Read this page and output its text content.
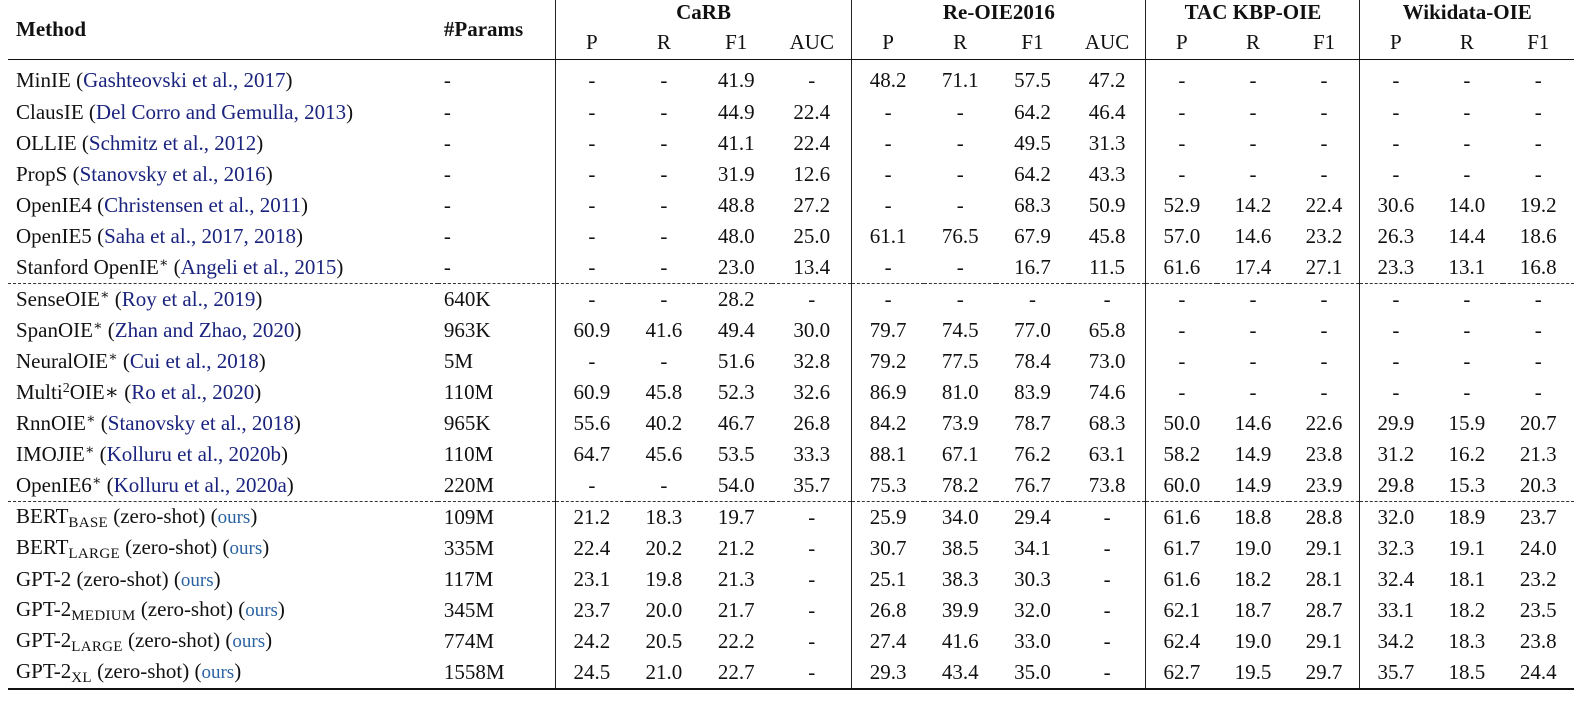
Method	#Params	CaRB				Re-OIE2016				TAC KBP-OIE			Wikidata-OIE		
		P	R	F1	AUC	P	R	F1	AUC	P	R	F1	P	R	F1
MinIE (Gashteovski et al., 2017)	-	-	-	41.9	-	48.2	71.1	57.5	47.2	-	-	-	-	-	-
ClausIE (Del Corro and Gemulla, 2013)	-	-	-	44.9	22.4	-	-	64.2	46.4	-	-	-	-	-	-
OLLIE (Schmitz et al., 2012)	-	-	-	41.1	22.4	-	-	49.5	31.3	-	-	-	-	-	-
PropS (Stanovsky et al., 2016)	-	-	-	31.9	12.6	-	-	64.2	43.3	-	-	-	-	-	-
OpenIE4 (Christensen et al., 2011)	-	-	-	48.8	27.2	-	-	68.3	50.9	52.9	14.2	22.4	30.6	14.0	19.2
OpenIE5 (Saha et al., 2017, 2018)	-	-	-	48.0	25.0	61.1	76.5	67.9	45.8	57.0	14.6	23.2	26.3	14.4	18.6
Stanford OpenIE∗ (Angeli et al., 2015)	-	-	-	23.0	13.4	-	-	16.7	11.5	61.6	17.4	27.1	23.3	13.1	16.8
SenseOIE∗ (Roy et al., 2019)	640K	-	-	28.2	-	-	-	-	-	-	-	-	-	-	-
SpanOIE∗ (Zhan and Zhao, 2020)	963K	60.9	41.6	49.4	30.0	79.7	74.5	77.0	65.8	-	-	-	-	-	-
NeuralOIE∗ (Cui et al., 2018)	5M	-	-	51.6	32.8	79.2	77.5	78.4	73.0	-	-	-	-	-	-
Multi$^2$OIE∗ (Ro et al., 2020)	110M	60.9	45.8	52.3	32.6	86.9	81.0	83.9	74.6	-	-	-	-	-	-
RnnOIE∗ (Stanovsky et al., 2018)	965K	55.6	40.2	46.7	26.8	84.2	73.9	78.7	68.3	50.0	14.6	22.6	29.9	15.9	20.7
IMOJIE∗ (Kolluru et al., 2020b)	110M	64.7	45.6	53.5	33.3	88.1	67.1	76.2	63.1	58.2	14.9	23.8	31.2	16.2	21.3
OpenIE6∗ (Kolluru et al., 2020a)	220M	-	-	54.0	35.7	75.3	78.2	76.7	73.8	60.0	14.9	23.9	29.8	15.3	20.3
$BERT_{BASE}$ (zero-shot) (ours)	109M	21.2	18.3	19.7	-	25.9	34.0	29.4	-	61.6	18.8	28.8	32.0	18.9	23.7
$BERT_{LARGE}$ (zero-shot) (ours)	335M	22.4	20.2	21.2	-	30.7	38.5	34.1	-	61.7	19.0	29.1	32.3	19.1	24.0
GPT-2 (zero-shot) (ours)	117M	23.1	19.8	21.3	-	25.1	38.3	30.3	-	61.6	18.2	28.1	32.4	18.1	23.2
GPT-$2_{MEDIUM}$ (zero-shot) (ours)	345M	23.7	20.0	21.7	-	26.8	39.9	32.0	-	62.1	18.7	28.7	33.1	18.2	23.5
GPT-$2_{LARGE}$ (zero-shot) (ours)	774M	24.2	20.5	22.2	-	27.4	41.6	33.0	-	62.4	19.0	29.1	34.2	18.3	23.8
GPT-$2_{XL}$ (zero-shot) (ours)	1558M	24.5	21.0	22.7	-	29.3	43.4	35.0	-	62.7	19.5	29.7	35.7	18.5	24.4
